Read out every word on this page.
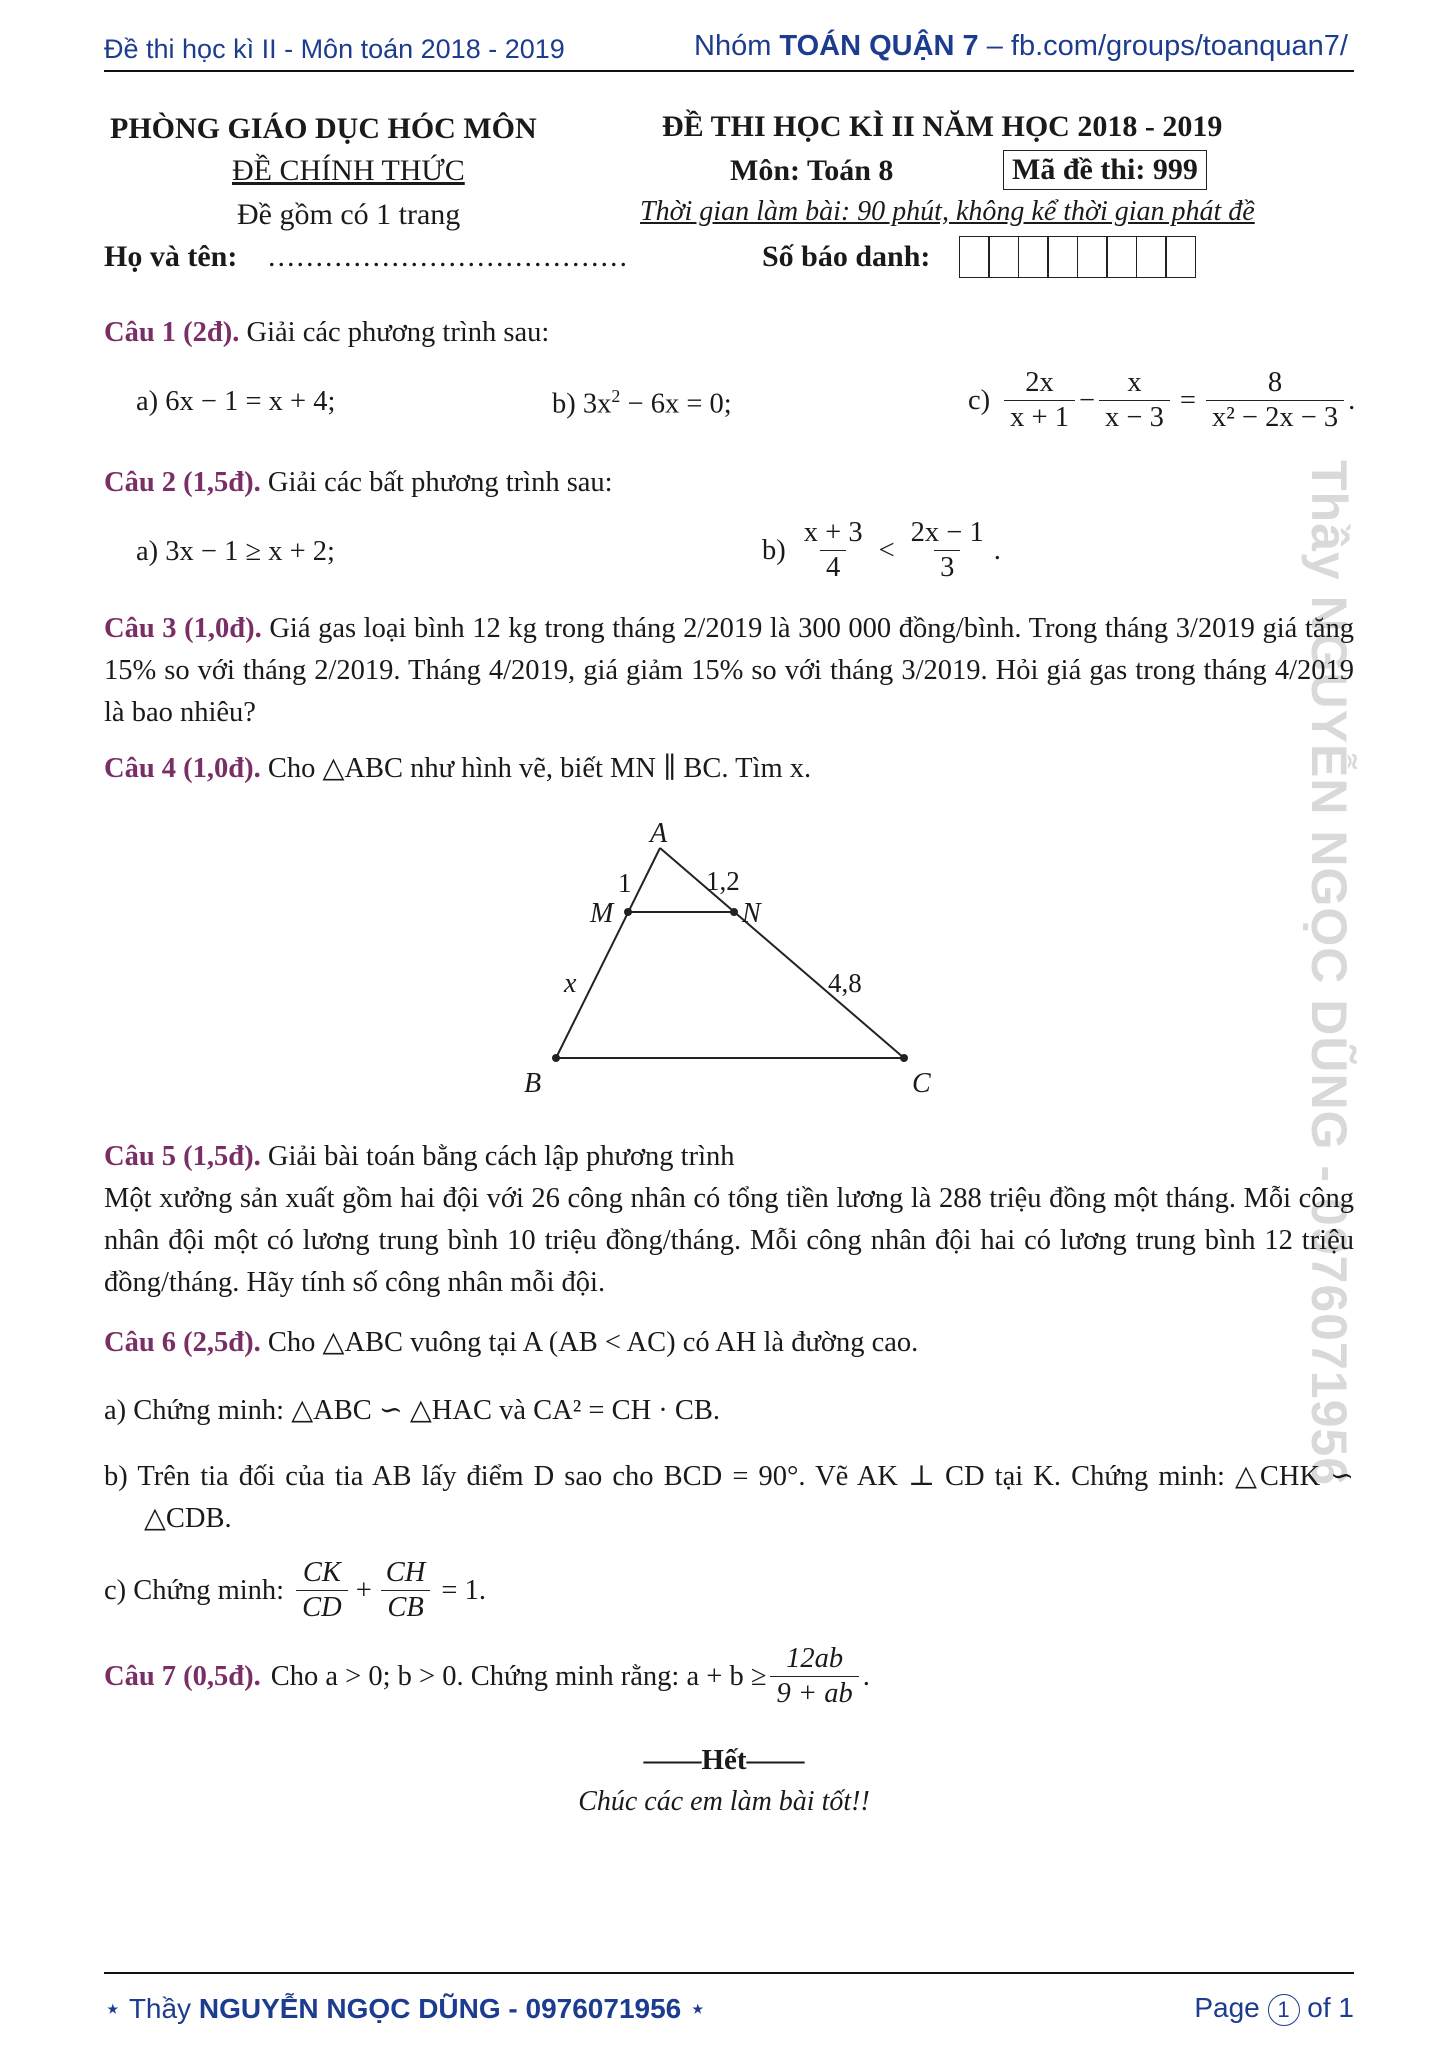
Đề thi học kì II - Môn toán 2018 - 2019	Nhóm TOÁN QUẬN 7 – fb.com/groups/toanquan7/
PHÒNG GIÁO DỤC HÓC MÔN
ĐỀ CHÍNH THỨC
Đề gồm có 1 trang
ĐỀ THI HỌC KÌ II NĂM HỌC 2018 - 2019
Môn: Toán 8	Mã đề thi: 999
Thời gian làm bài: 90 phút, không kể thời gian phát đề
Họ và tên: ......................................	Số báo danh:
Thầy NGUYỄN NGỌC DŨNG - 0976071956
Câu 1 (2đ). Giải các phương trình sau:
a) 6x − 1 = x + 4;	b) $3x^2 - 6x = 0$;	$c) \frac{2x}{x + 1} - \frac{x}{x - 3} = \frac{8}{\text{x² − 2x − 3}}$ .
Câu 2 (1,5đ). Giải các bất phương trình sau:
a) 3x − 1 ≥ x + 2;	$b) \frac{x + 3}{4} < \frac{2x - 1}{3}$ .
Câu 3 (1,0đ). Giá gas loại bình 12 kg trong tháng 2/2019 là 300 000 đồng/bình. Trong tháng 3/2019 giá tăng 15% so với tháng 2/2019. Tháng 4/2019, giá giảm 15% so với tháng 3/2019. Hỏi giá gas trong tháng 4/2019 là bao nhiêu?
Câu 4 (1,0đ). Cho △ABC như hình vẽ, biết MN ∥ BC. Tìm x.
A
M	N
B	C
x
1	1,2
4,8
Câu 5 (1,5đ). Giải bài toán bằng cách lập phương trình
Một xưởng sản xuất gồm hai đội với 26 công nhân có tổng tiền lương là 288 triệu đồng một tháng. Mỗi công nhân đội một có lương trung bình 10 triệu đồng/tháng. Mỗi công nhân đội hai có lương trung bình 12 triệu đồng/tháng. Hãy tính số công nhân mỗi đội.
Câu 6 (2,5đ). Cho △ABC vuông tại A (AB < AC) có AH là đường cao.
a) Chứng minh: △ABC ∽ △HAC và CA² = CH · CB.
b) Trên tia đối của tia AB lấy điểm D sao cho BCD = 90°. Vẽ AK ⊥ CD tại K. Chứng minh: △CHK ∽ △CDB.
c) Chứng minh: $\frac{CK}{CD} + \frac{CH}{CB} = 1$.
Câu 7 (0,5đ). Cho a > 0; b > 0. Chứng minh rằng: $a + b \ge \frac{12ab}{9 + ab}$ .
——Hết——
Chúc các em làm bài tốt!!
⋆ Thầy NGUYỄN NGỌC DŨNG - 0976071956 ⋆	Page 1 of 1
